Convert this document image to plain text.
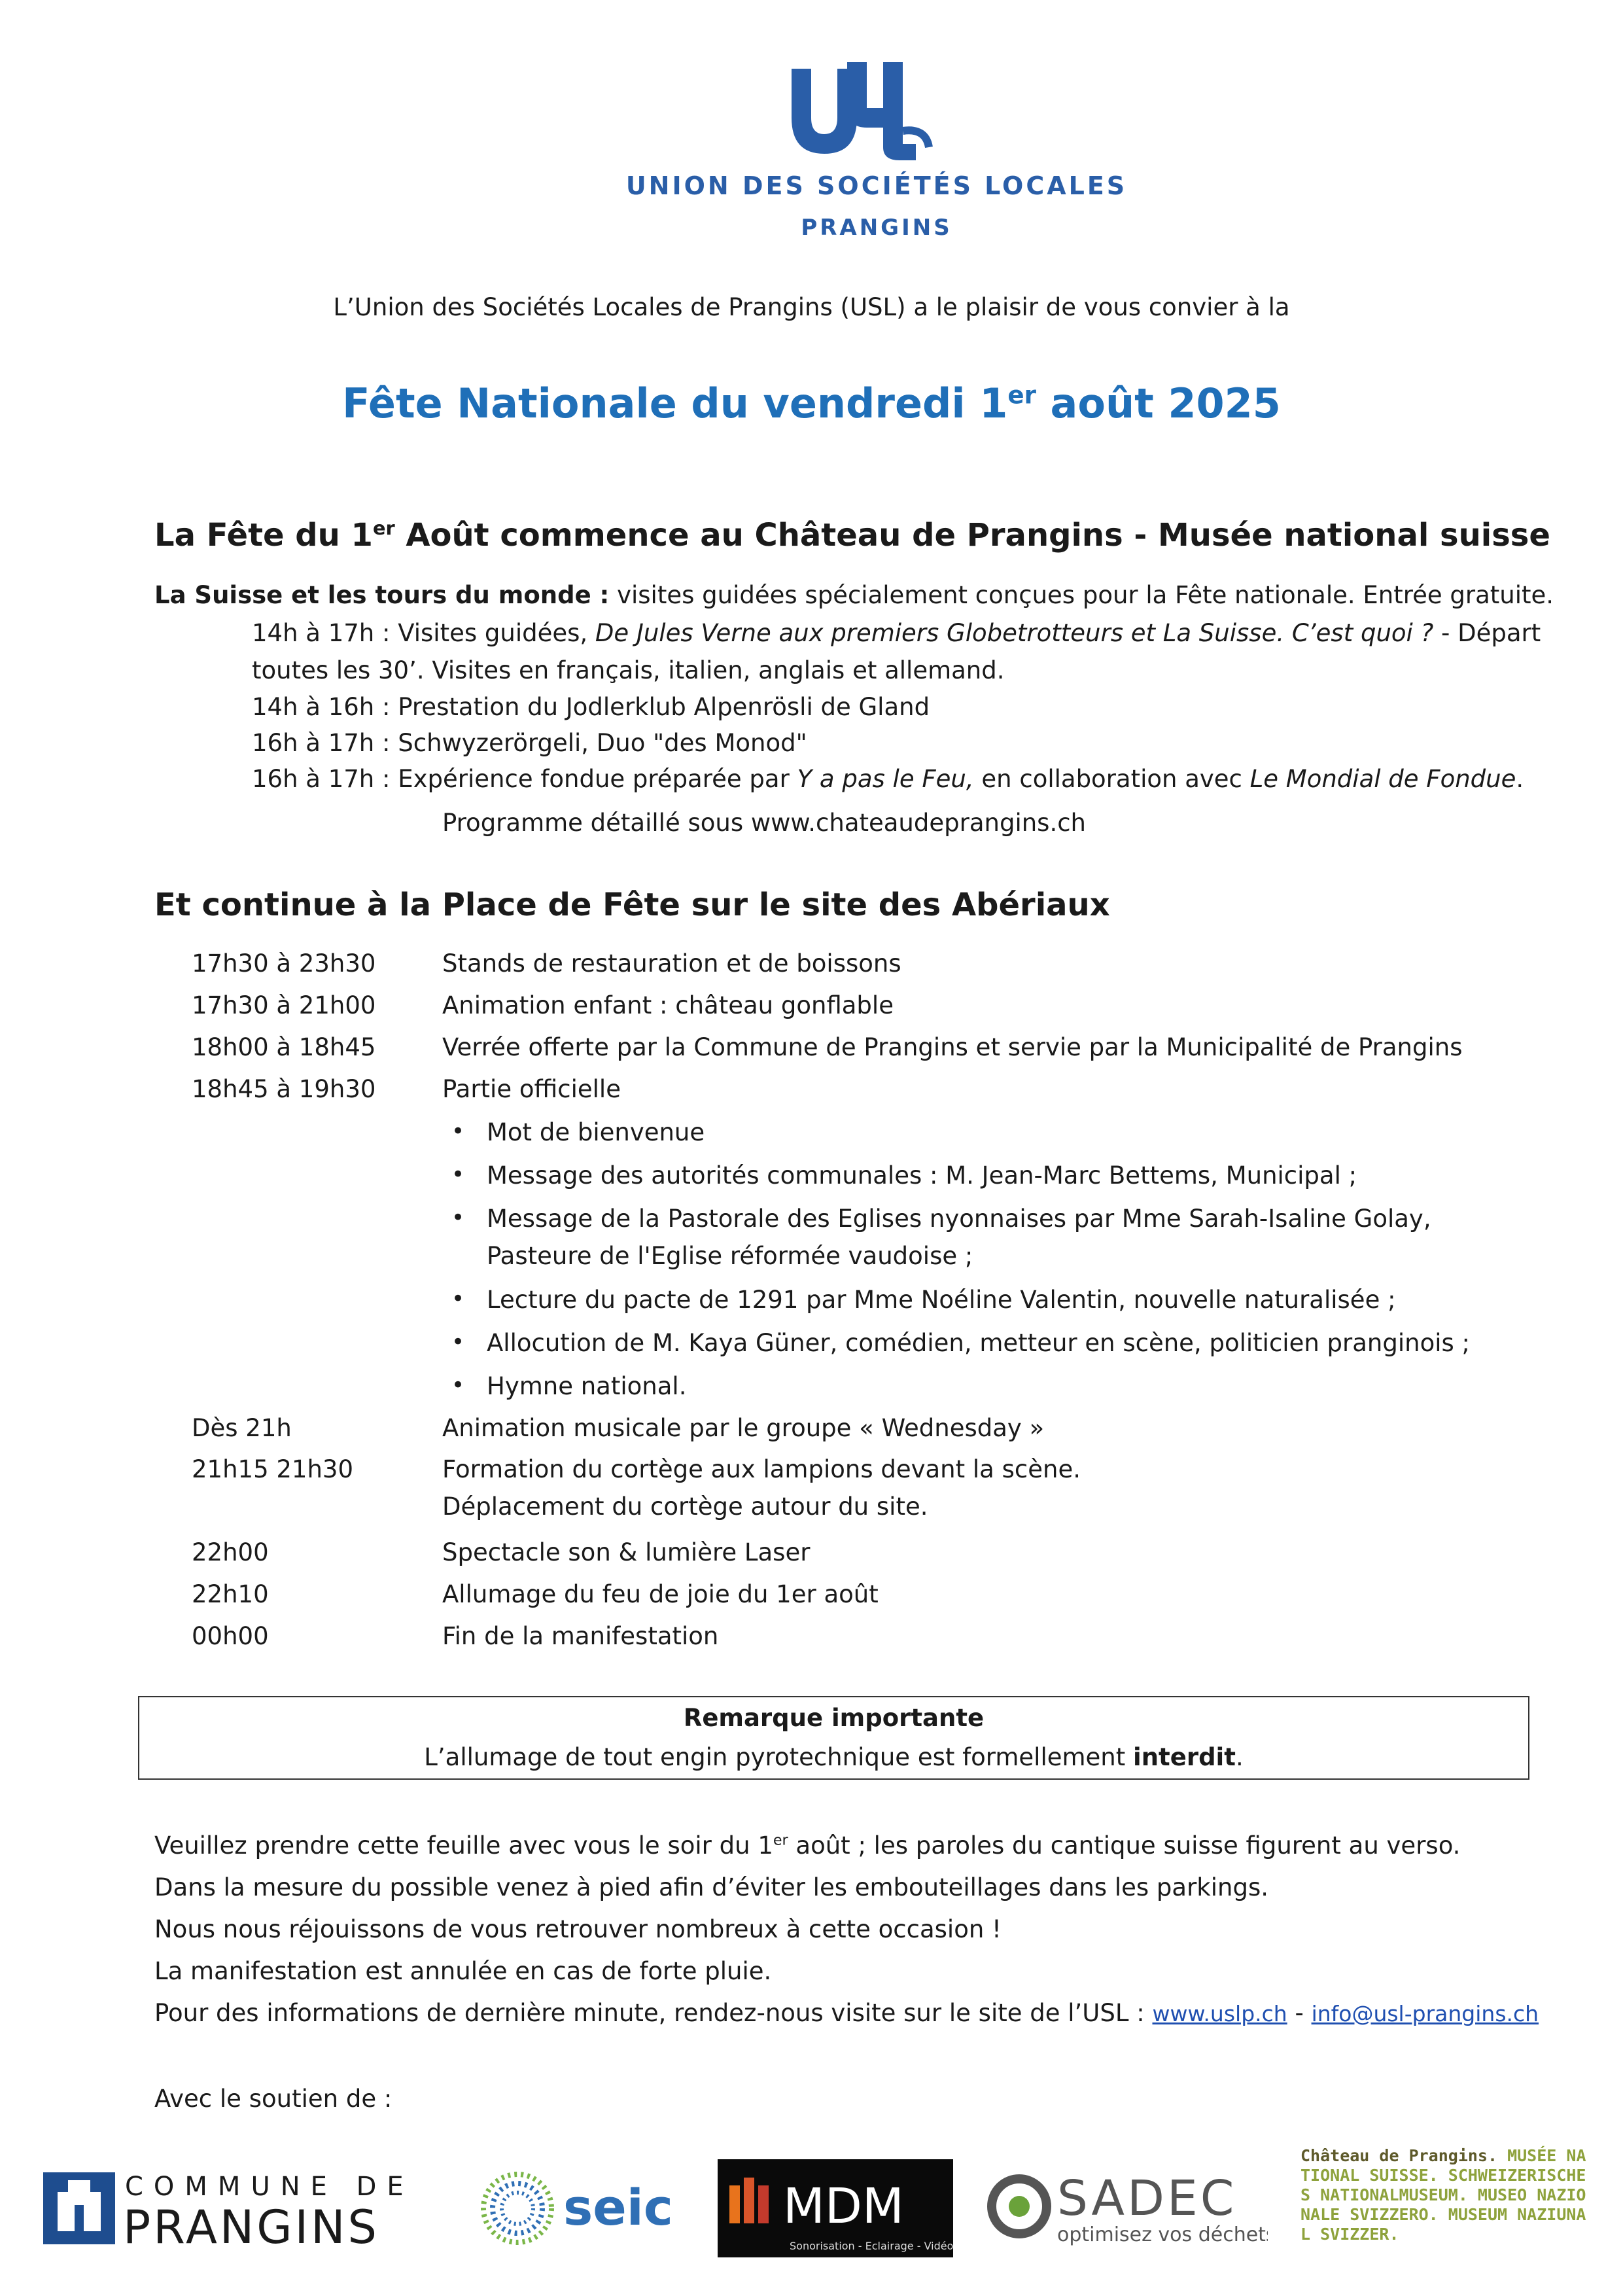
UNION DES SOCIÉTÉS LOCALES
PRANGINS
L’Union des Sociétés Locales de Prangins (USL) a le plaisir de vous convier à la
Fête Nationale du vendredi 1er août 2025
La Fête du 1er Août commence au Château de Prangins - Musée national suisse
La Suisse et les tours du monde : visites guidées spécialement conçues pour la Fête nationale. Entrée gratuite.
14h à 17h : Visites guidées, De Jules Verne aux premiers Globetrotteurs et La Suisse. C’est quoi ? - Départ
toutes les 30’. Visites en français, italien, anglais et allemand.
14h à 16h : Prestation du Jodlerklub Alpenrösli de Gland
16h à 17h : Schwyzerörgeli, Duo "des Monod"
16h à 17h : Expérience fondue préparée par Y a pas le Feu, en collaboration avec Le Mondial de Fondue.
Programme détaillé sous www.chateaudeprangins.ch
Et continue à la Place de Fête sur le site des Abériaux
17h30 à 23h30	Stands de restauration et de boissons
17h30 à 21h00	Animation enfant : château gonflable
18h00 à 18h45	Verrée offerte par la Commune de Prangins et servie par la Municipalité de Prangins
18h45 à 19h30	Partie officielle
• Mot de bienvenue
• Message des autorités communales : M. Jean-Marc Bettems, Municipal ;
• Message de la Pastorale des Eglises nyonnaises par Mme Sarah-Isaline Golay,
Pasteure de l'Eglise réformée vaudoise ;
• Lecture du pacte de 1291 par Mme Noéline Valentin, nouvelle naturalisée ;
• Allocution de M. Kaya Güner, comédien, metteur en scène, politicien pranginois ;
• Hymne national.
Dès 21h	Animation musicale par le groupe « Wednesday »
21h15 21h30	Formation du cortège aux lampions devant la scène.
Déplacement du cortège autour du site.
22h00	Spectacle son & lumière Laser
22h10	Allumage du feu de joie du 1er août
00h00	Fin de la manifestation
Remarque importante
L’allumage de tout engin pyrotechnique est formellement interdit.
Veuillez prendre cette feuille avec vous le soir du 1er août ; les paroles du cantique suisse figurent au verso.
Dans la mesure du possible venez à pied afin d’éviter les embouteillages dans les parkings.
Nous nous réjouissons de vous retrouver nombreux à cette occasion !
La manifestation est annulée en cas de forte pluie.
Pour des informations de dernière minute, rendez-nous visite sur le site de l’USL : www.uslp.ch - info@usl-prangins.ch
Avec le soutien de :
COMMUNE DE
PRANGINS	seic MDM
Sonorisation - Eclairage - Vidéo
SADEC
optimisez vos déchets
Château de Prangins. MUSÉE NATIONAL SUISSE. SCHWEIZERISCHES NATIONALMUSEUM. MUSEO NAZIONALE SVIZZERO. MUSEUM NAZIUNAL SVIZZER.
